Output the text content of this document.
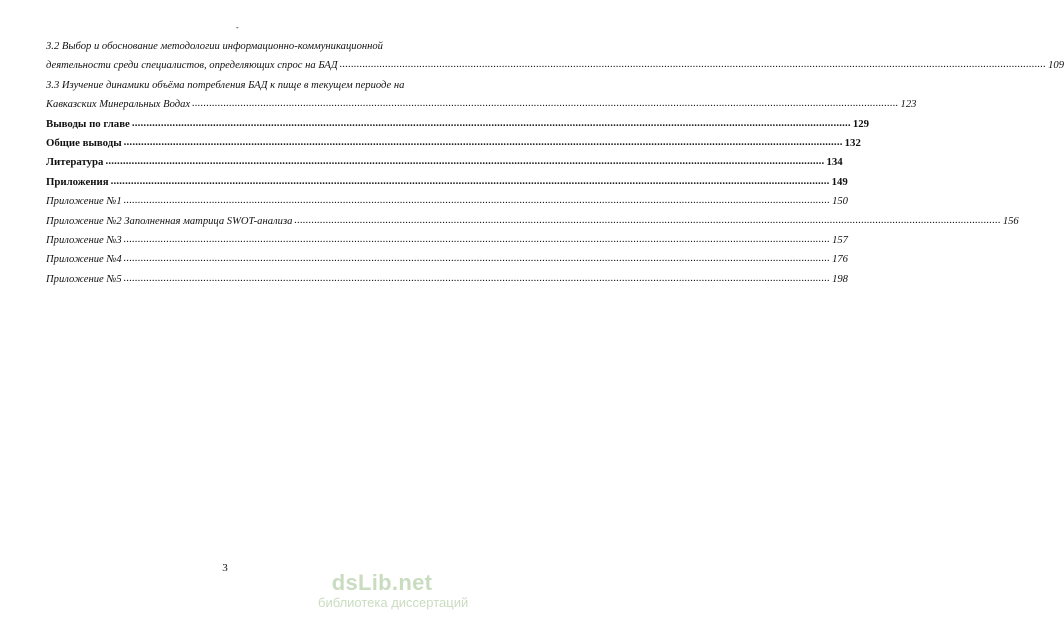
-
3.2 Выбор и обоснование методологии информационно-коммуникационной
деятельности среди специалистов, определяющих спрос на БАД .....	109
3.3 Изучение динамики объёма потребления БАД к пище в текущем периоде на
Кавказских Минеральных Водах .....	123
Выводы по главе .....	129
Общие выводы .....	132
Литература .....	134
Приложения .....	149
Приложение №1 .....	150
Приложение №2 Заполненная матрица SWOT-анализа .....	156
Приложение №3 .....	157
Приложение №4 .....	176
Приложение №5 .....	198
3
dsLib.net
библиотека диссертаций
